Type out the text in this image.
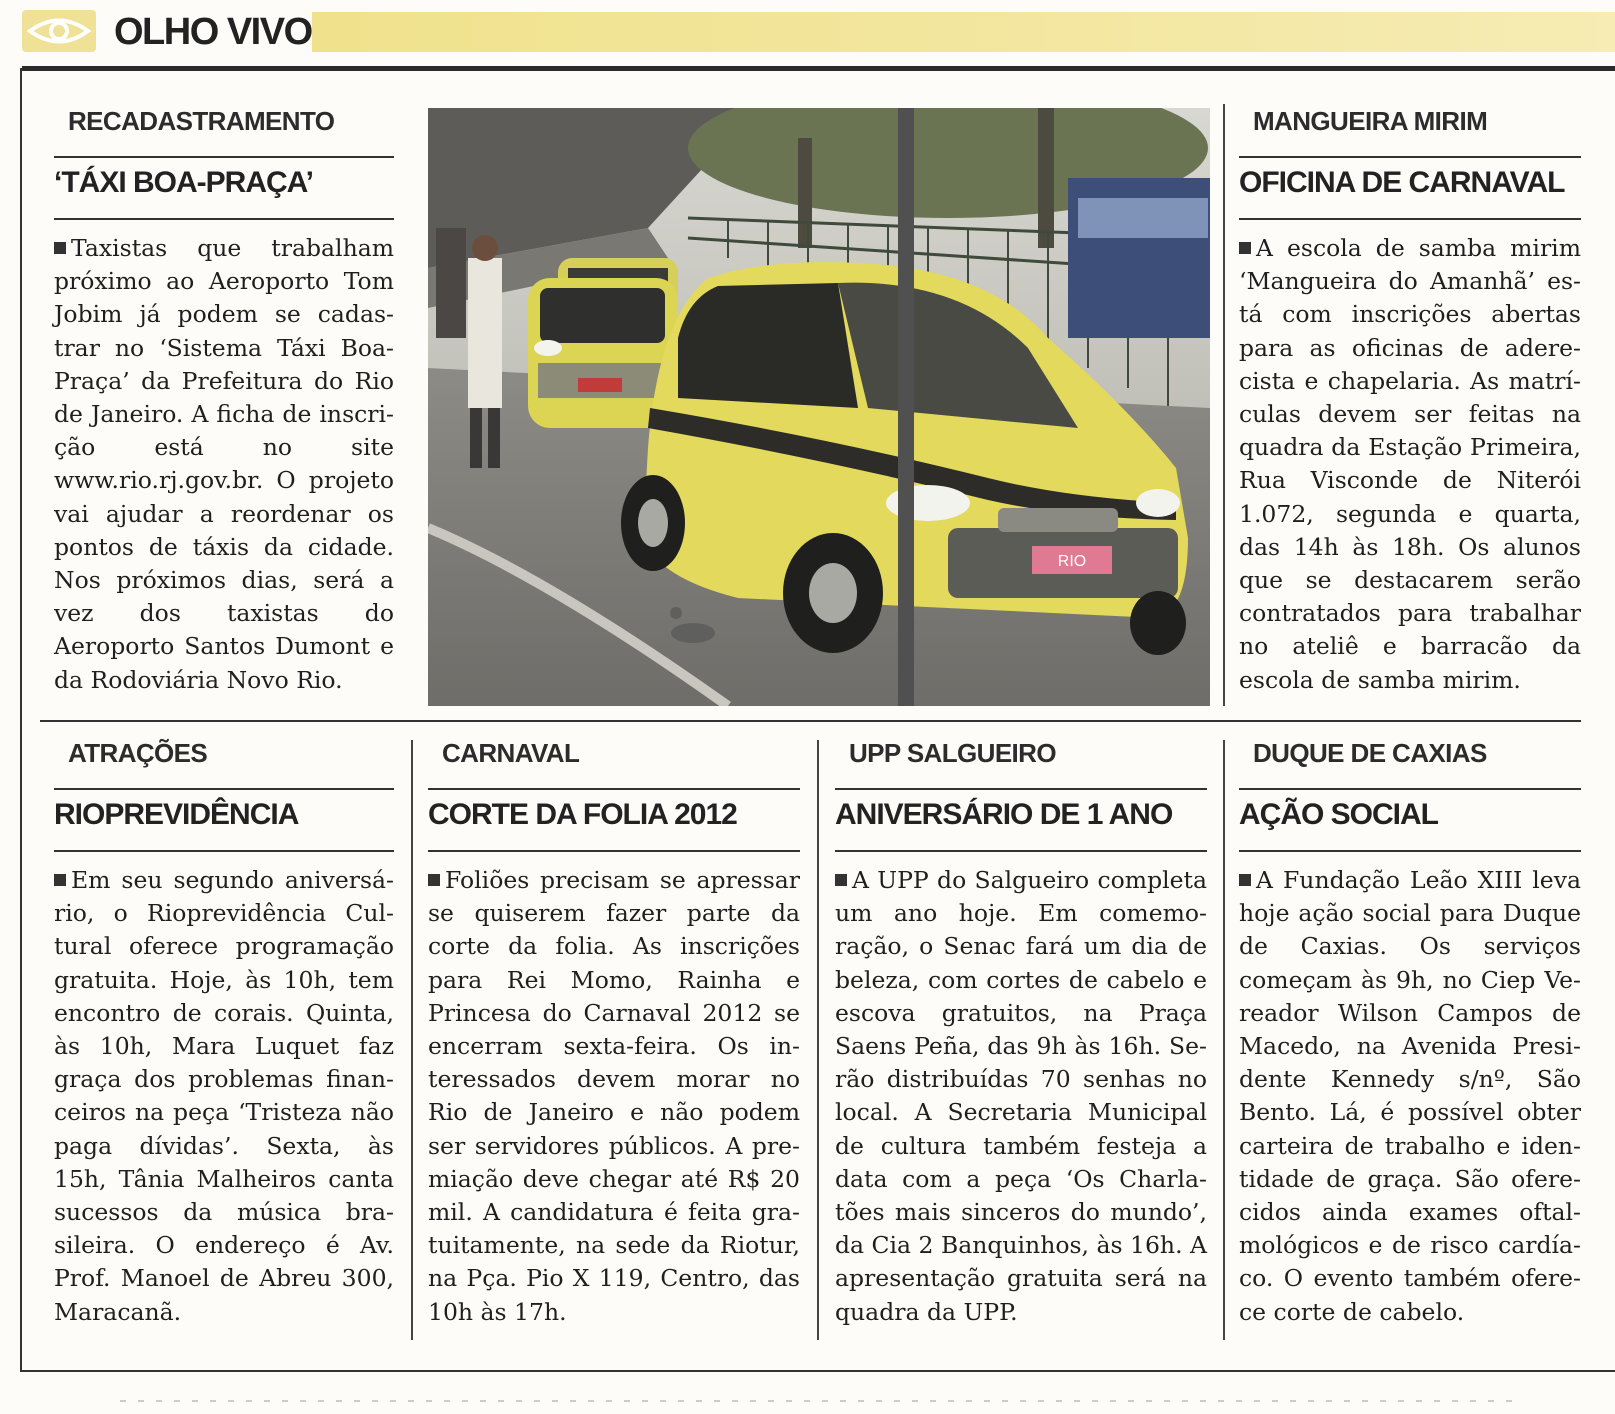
OLHO VIVO
RECADASTRAMENTO
‘TÁXI BOA-PRAÇA’
Taxistas que trabalham próximo ao Aeroporto Tom Jobim já podem se cadastrar no ‘Sistema Táxi Boa-Praça’ da Prefeitura do Rio de Janeiro. A ficha de inscrição está no site www.rio.rj.gov.br. O projeto vai ajudar a reordenar os pontos de táxis da cidade. Nos próximos dias, será a vez dos taxistas do Aeroporto Santos Dumont e da Rodoviária Novo Rio.
RIO
MANGUEIRA MIRIM
OFICINA DE CARNAVAL
A escola de samba mirim ‘Mangueira do Amanhã’ está com inscrições abertas para as oficinas de aderecista e chapelaria. As matrículas devem ser feitas na quadra da Estação Primeira, Rua Visconde de Niterói 1.072, segunda e quarta, das 14h às 18h. Os alunos que se destacarem serão contratados para trabalhar no ateliê e barracão da escola de samba mirim.
ATRAÇÕES
RIOPREVIDÊNCIA
Em seu segundo aniversário, o Rioprevidência Cultural oferece programação gratuita. Hoje, às 10h, tem encontro de corais. Quinta, às 10h, Mara Luquet faz graça dos problemas financeiros na peça ‘Tristeza não paga dívidas’. Sexta, às 15h, Tânia Malheiros canta sucessos da música brasileira. O endereço é Av. Prof. Manoel de Abreu 300, Maracanã.
CARNAVAL
CORTE DA FOLIA 2012
Foliões precisam se apressar se quiserem fazer parte da corte da folia. As inscrições para Rei Momo, Rainha e Princesa do Carnaval 2012 se encerram sexta-feira. Os interessados devem morar no Rio de Janeiro e não podem ser servidores públicos. A premiação deve chegar até R$ 20 mil. A candidatura é feita gratuitamente, na sede da Riotur, na Pça. Pio X 119, Centro, das 10h às 17h.
UPP SALGUEIRO
ANIVERSÁRIO DE 1 ANO
A UPP do Salgueiro completa um ano hoje. Em comemoração, o Senac fará um dia de beleza, com cortes de cabelo e escova gratuitos, na Praça Saens Peña, das 9h às 16h. Serão distribuídas 70 senhas no local. A Secretaria Municipal de cultura também festeja a data com a peça ‘Os Charlatões mais sinceros do mundo’, da Cia 2 Banquinhos, às 16h. A apresentação gratuita será na quadra da UPP.
DUQUE DE CAXIAS
AÇÃO SOCIAL
A Fundação Leão XIII leva hoje ação social para Duque de Caxias. Os serviços começam às 9h, no Ciep Vereador Wilson Campos de Macedo, na Avenida Presidente Kennedy s/nº, São Bento. Lá, é possível obter carteira de trabalho e identidade de graça. São oferecidos ainda exames oftalmológicos e de risco cardíaco. O evento também oferece corte de cabelo.
